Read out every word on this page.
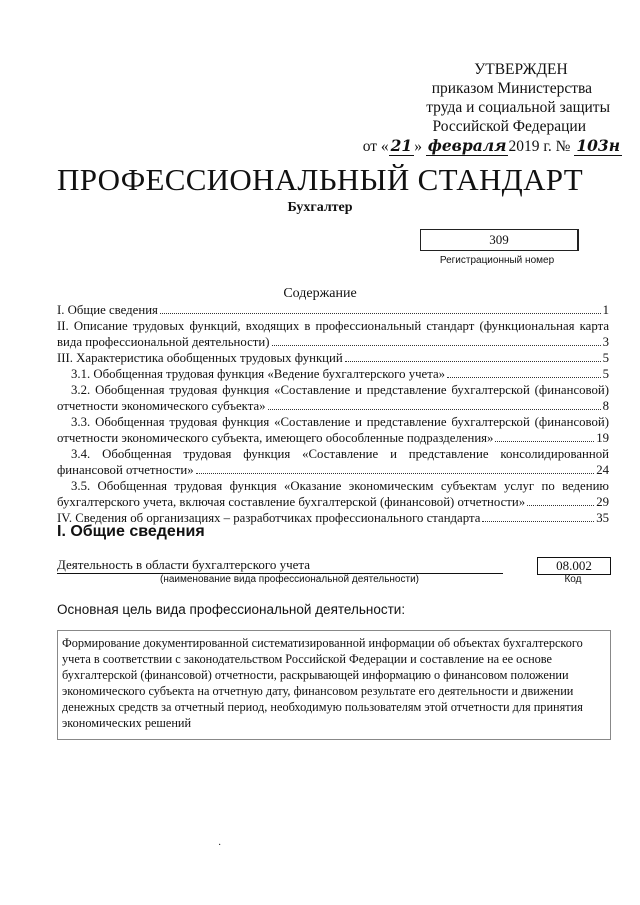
УТВЕРЖДЕН
приказом Министерства
труда и социальной защиты
Российской Федерации
от « 21 » февраля 2019 г. № 103н
ПРОФЕССИОНАЛЬНЫЙ СТАНДАРТ
Бухгалтер
309
Регистрационный номер
Содержание
I. Общие сведения	1
II. Описание трудовых функций, входящих в профессиональный стандарт (функциональная карта
вида профессиональной деятельности)	3
III. Характеристика обобщенных трудовых функций	5
3.1. Обобщенная трудовая функция «Ведение бухгалтерского учета»	5
3.2. Обобщенная трудовая функция «Составление и представление бухгалтерской (финансовой)
отчетности экономического субъекта»	8
3.3. Обобщенная трудовая функция «Составление и представление бухгалтерской (финансовой)
отчетности экономического субъекта, имеющего обособленные подразделения»	19
3.4. Обобщенная трудовая функция «Составление и представление консолидированной
финансовой отчетности»	24
3.5. Обобщенная трудовая функция «Оказание экономическим субъектам услуг по ведению
бухгалтерского учета, включая составление бухгалтерской (финансовой) отчетности»	29
IV. Сведения об организациях – разработчиках профессионального стандарта	35
I. Общие сведения
Деятельность в области бухгалтерского учета
(наименование вида профессиональной деятельности)
08.002
Код
Основная цель вида профессиональной деятельности:
Формирование документированной систематизированной информации об объектах бухгалтерского учета в соответствии с законодательством Российской Федерации и составление на ее основе бухгалтерской (финансовой) отчетности, раскрывающей информацию о финансовом положении экономического субъекта на отчетную дату, финансовом результате его деятельности и движении денежных средств за отчетный период, необходимую пользователям этой отчетности для принятия экономических решений
·
